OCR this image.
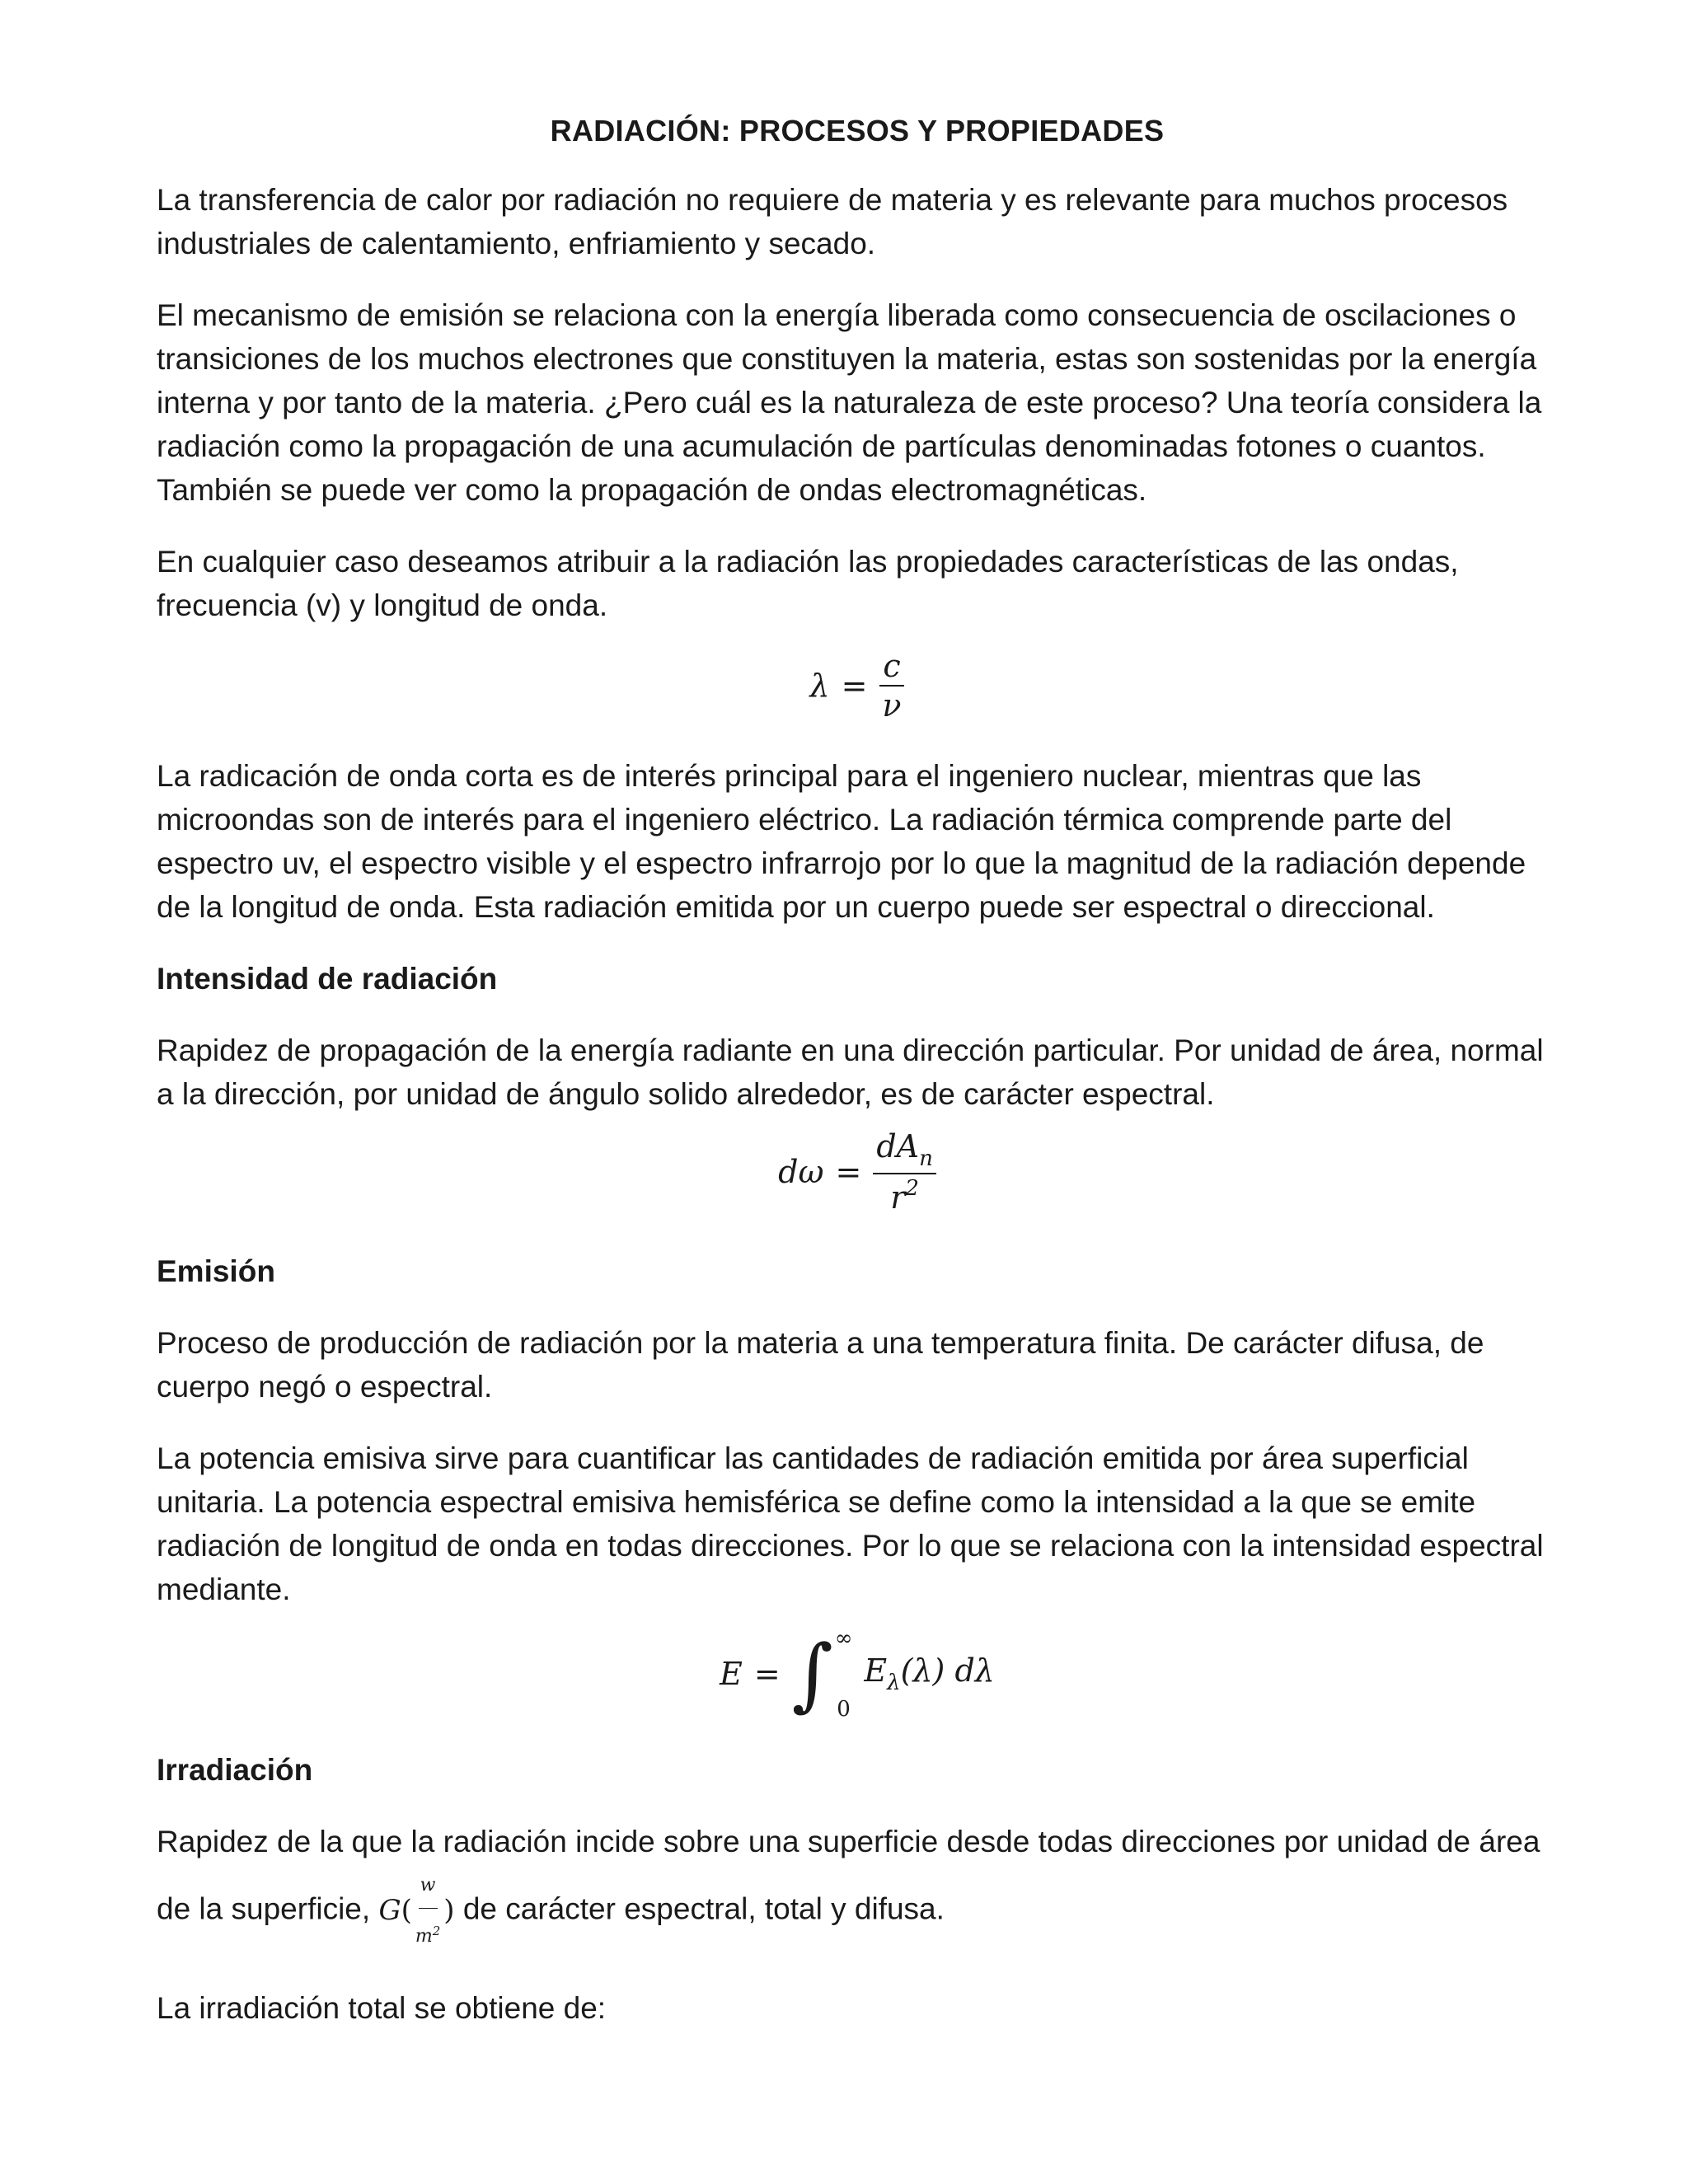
RADIACIÓN: PROCESOS Y PROPIEDADES

La transferencia de calor por radiación no requiere de materia y es relevante para muchos procesos industriales de calentamiento, enfriamiento y secado.

El mecanismo de emisión se relaciona con la energía liberada como consecuencia de oscilaciones o transiciones de los muchos electrones que constituyen la materia, estas son sostenidas por la energía interna y por tanto de la materia. ¿Pero cuál es la naturaleza de este proceso? Una teoría considera la radiación como la propagación de una acumulación de partículas denominadas fotones o cuantos. También se puede ver como la propagación de ondas electromagnéticas.

En cualquier caso deseamos atribuir a la radiación las propiedades características de las ondas, frecuencia (v) y longitud de onda.

$\lambda = \frac{c}{\nu}$

La radicación de onda corta es de interés principal para el ingeniero nuclear, mientras que las microondas son de interés para el ingeniero eléctrico. La radiación térmica comprende parte del espectro uv, el espectro visible y el espectro infrarrojo por lo que la magnitud de la radiación depende de la longitud de onda. Esta radiación emitida por un cuerpo puede ser espectral o direccional.

Intensidad de radiación

Rapidez de propagación de la energía radiante en una dirección particular. Por unidad de área, normal a la dirección, por unidad de ángulo solido alrededor, es de carácter espectral.

$d\omega = \frac{dA_n}{r^2}$
Emisión

Proceso de producción de radiación por la materia a una temperatura finita. De carácter difusa, de cuerpo negó o espectral.

La potencia emisiva sirve para cuantificar las cantidades de radiación emitida por área superficial unitaria. La potencia espectral emisiva hemisférica se define como la intensidad a la que se emite radiación de longitud de onda en todas direcciones. Por lo que se relaciona con la intensidad espectral mediante.

E = ∫ ∞
0
$E_\lambda(\lambda)$ dλ
Irradiación

Rapidez de la que la radiación incide sobre una superficie desde todas direcciones por unidad de área de la superficie, G ( $\frac{w}{m^2}$ ) de carácter espectral, total y difusa.

La irradiación total se obtiene de:
